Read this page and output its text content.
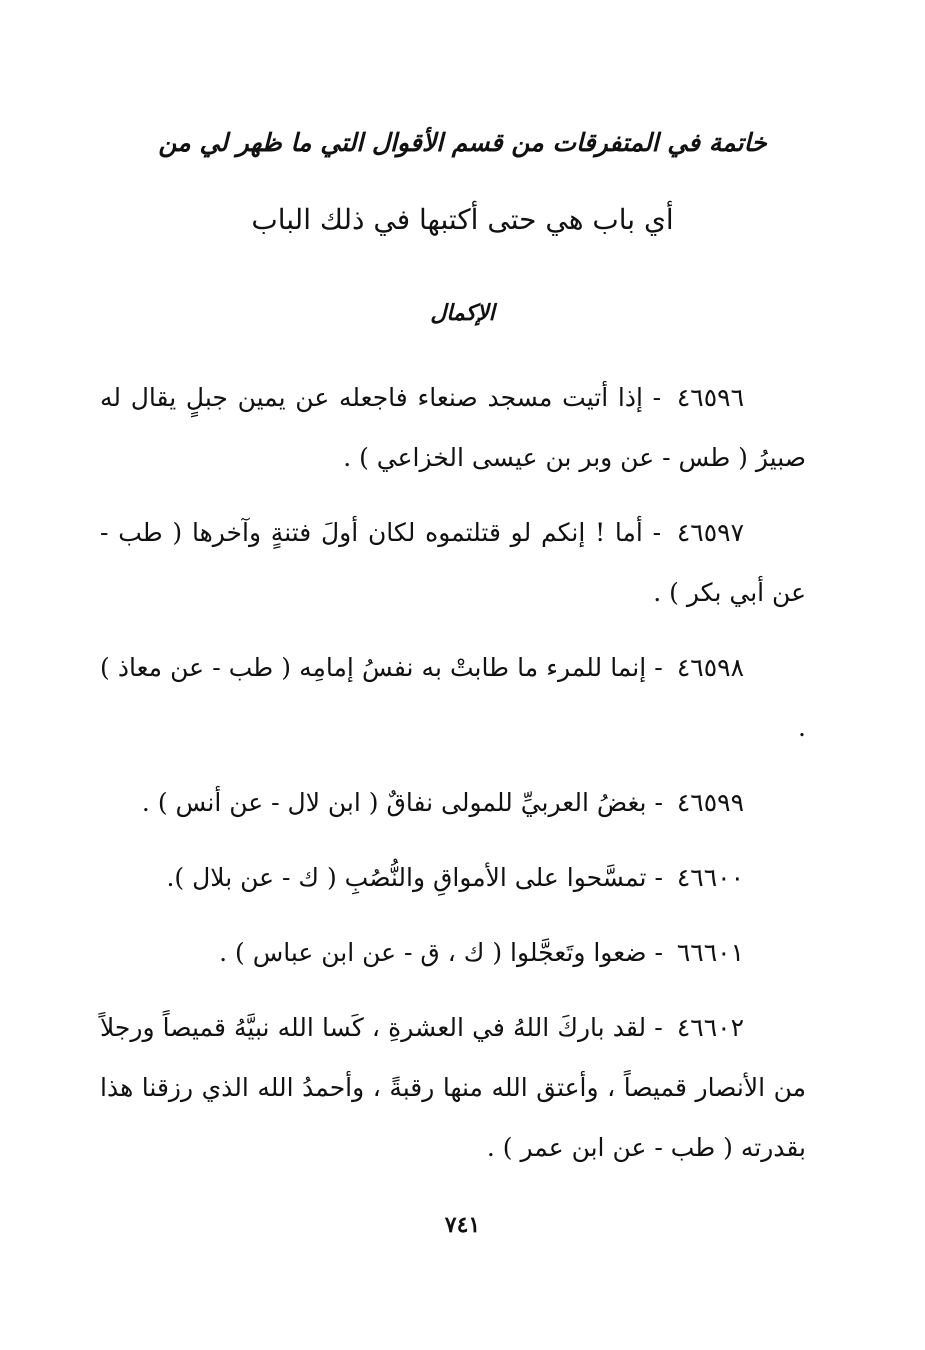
خاتمة في المتفرقات من قسم الأقوال التي ما ظهر لي من
أي باب هي حتى أكتبها في ذلك الباب
الإكمال
٤٦٥٩٦ - إذا أتيت مسجد صنعاء فاجعله عن يمين جبلٍ يقال له صبيرُ ( طس - عن وبر بن عيسى الخزاعي ) .
٤٦٥٩٧ - أما ! إنكم لو قتلتموه لكان أولَ فتنةٍ وآخرها ( طب - عن أبي بكر ) .
٤٦٥٩٨ - إنما للمرء ما طابتْ به نفسُ إمامِه ( طب - عن معاذ ) .
٤٦٥٩٩ - بغضُ العربيِّ للمولى نفاقٌ ( ابن لال - عن أنس ) .
٤٦٦٠٠ - تمسَّحوا على الأمواقِ والنُّصُبِ ( ك - عن بلال ).
٦٦٦٠١ - ضعوا وتَعجَّلوا ( ك ، ق - عن ابن عباس ) .
٤٦٦٠٢ - لقد باركَ اللهُ في العشرةِ ، كَسا الله نبيَّهُ قميصاً ورجلاً من الأنصار قميصاً ، وأعتق الله منها رقبةً ، وأحمدُ الله الذي رزقنا هذا بقدرته ( طب - عن ابن عمر ) .
٧٤١
